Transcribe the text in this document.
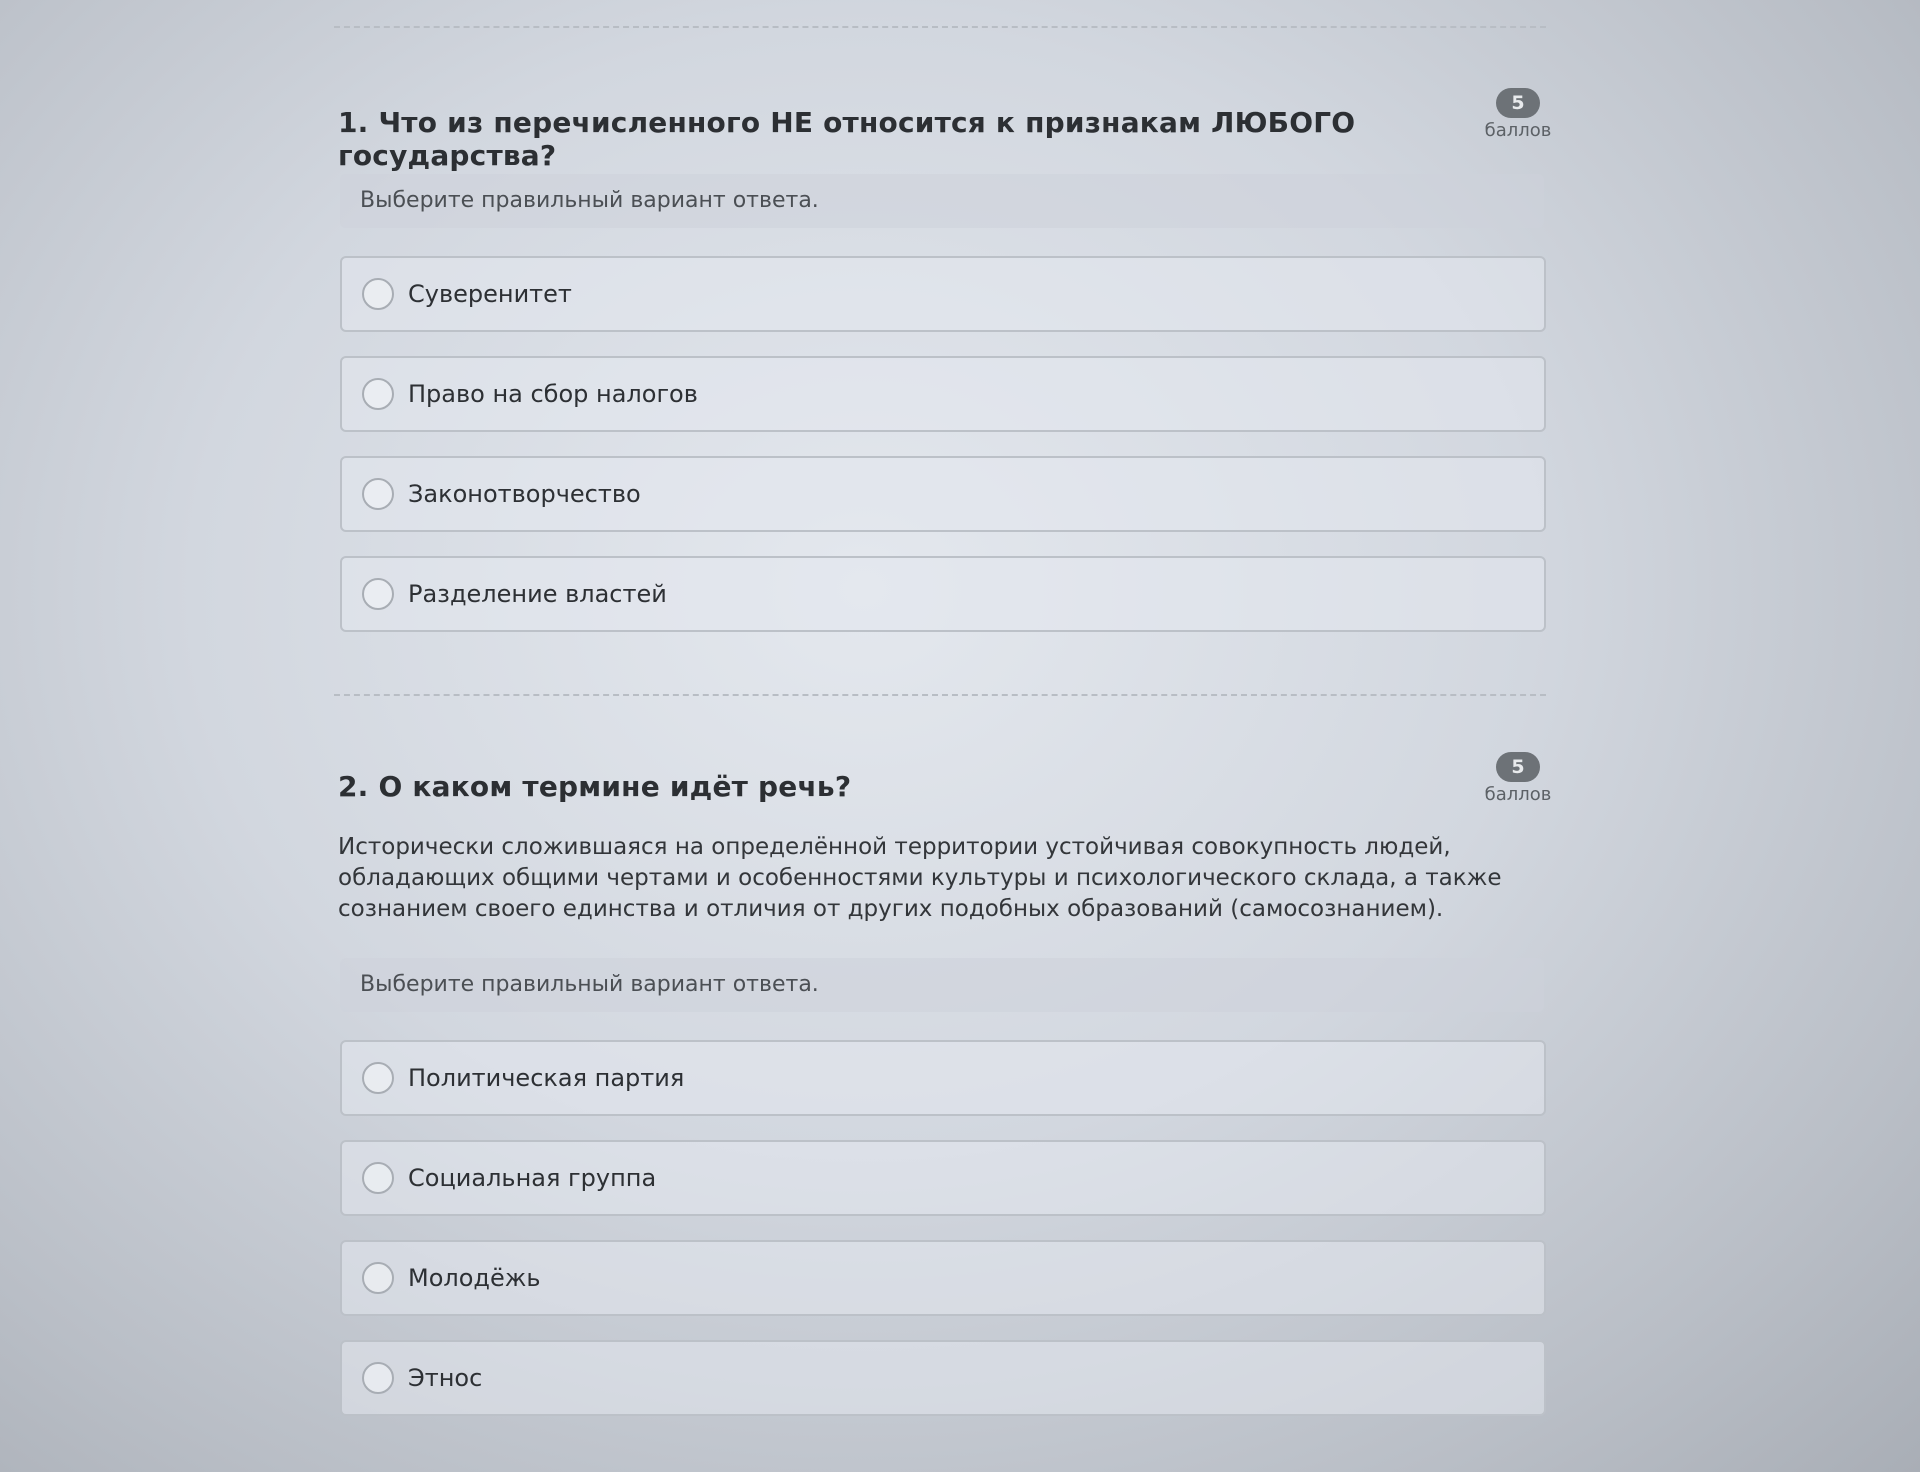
1. Что из перечисленного НЕ относится к признакам ЛЮБОГО государства?
5
баллов
Выберите правильный вариант ответа.
Суверенитет
Право на сбор налогов
Законотворчество
Разделение властей
2. О каком термине идёт речь?
5
баллов
Исторически сложившаяся на определённой территории устойчивая совокупность людей, обладающих общими чертами и особенностями культуры и психологического склада, а также сознанием своего единства и отличия от других подобных образований (самосознанием).
Выберите правильный вариант ответа.
Политическая партия
Социальная группа
Молодёжь
Этнос
